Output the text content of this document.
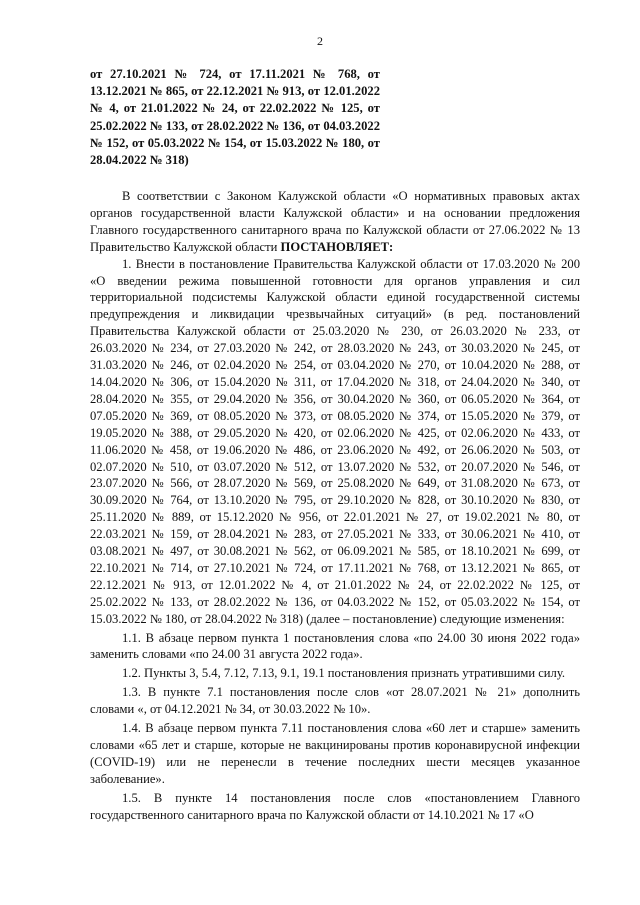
2
от 27.10.2021 № 724, от 17.11.2021 № 768, от 13.12.2021 № 865, от 22.12.2021 № 913, от 12.01.2022 № 4, от 21.01.2022 № 24, от 22.02.2022 № 125, от 25.02.2022 № 133, от 28.02.2022 № 136, от 04.03.2022 № 152, от 05.03.2022 № 154, от 15.03.2022 № 180, от 28.04.2022 № 318)

В соответствии с Законом Калужской области «О нормативных правовых актах органов государственной власти Калужской области» и на основании предложения Главного государственного санитарного врача по Калужской области от 27.06.2022 № 13 Правительство Калужской области ПОСТАНОВЛЯЕТ:

1. Внести в постановление Правительства Калужской области от 17.03.2020 № 200 «О введении режима повышенной готовности для органов управления и сил территориальной подсистемы Калужской области единой государственной системы предупреждения и ликвидации чрезвычайных ситуаций» (в ред. постановлений Правительства Калужской области от 25.03.2020 № 230, от 26.03.2020 № 233, от 26.03.2020 № 234, от 27.03.2020 № 242, от 28.03.2020 № 243, от 30.03.2020 № 245, от 31.03.2020 № 246, от 02.04.2020 № 254, от 03.04.2020 № 270, от 10.04.2020 № 288, от 14.04.2020 № 306, от 15.04.2020 № 311, от 17.04.2020 № 318, от 24.04.2020 № 340, от 28.04.2020 № 355, от 29.04.2020 № 356, от 30.04.2020 № 360, от 06.05.2020 № 364, от 07.05.2020 № 369, от 08.05.2020 № 373, от 08.05.2020 № 374, от 15.05.2020 № 379, от 19.05.2020 № 388, от 29.05.2020 № 420, от 02.06.2020 № 425, от 02.06.2020 № 433, от 11.06.2020 № 458, от 19.06.2020 № 486, от 23.06.2020 № 492, от 26.06.2020 № 503, от 02.07.2020 № 510, от 03.07.2020 № 512, от 13.07.2020 № 532, от 20.07.2020 № 546, от 23.07.2020 № 566, от 28.07.2020 № 569, от 25.08.2020 № 649, от 31.08.2020 № 673, от 30.09.2020 № 764, от 13.10.2020 № 795, от 29.10.2020 № 828, от 30.10.2020 № 830, от 25.11.2020 № 889, от 15.12.2020 № 956, от 22.01.2021 № 27, от 19.02.2021 № 80, от 22.03.2021 № 159, от 28.04.2021 № 283, от 27.05.2021 № 333, от 30.06.2021 № 410, от 03.08.2021 № 497, от 30.08.2021 № 562, от 06.09.2021 № 585, от 18.10.2021 № 699, от 22.10.2021 № 714, от 27.10.2021 № 724, от 17.11.2021 № 768, от 13.12.2021 № 865, от 22.12.2021 № 913, от 12.01.2022 № 4, от 21.01.2022 № 24, от 22.02.2022 № 125, от 25.02.2022 № 133, от 28.02.2022 № 136, от 04.03.2022 № 152, от 05.03.2022 № 154, от 15.03.2022 № 180, от 28.04.2022 № 318) (далее – постановление) следующие изменения:

1.1. В абзаце первом пункта 1 постановления слова «по 24.00 30 июня 2022 года» заменить словами «по 24.00 31 августа 2022 года».

1.2. Пункты 3, 5.4, 7.12, 7.13, 9.1, 19.1 постановления признать утратившими силу.

1.3. В пункте 7.1 постановления после слов «от 28.07.2021 № 21» дополнить словами «, от 04.12.2021 № 34, от 30.03.2022 № 10».

1.4. В абзаце первом пункта 7.11 постановления слова «60 лет и старше» заменить словами «65 лет и старше, которые не вакцинированы против коронавирусной инфекции (COVID-19) или не перенесли в течение последних шести месяцев указанное заболевание».

1.5. В пункте 14 постановления после слов «постановлением Главного государственного санитарного врача по Калужской области от 14.10.2021 № 17 «О
